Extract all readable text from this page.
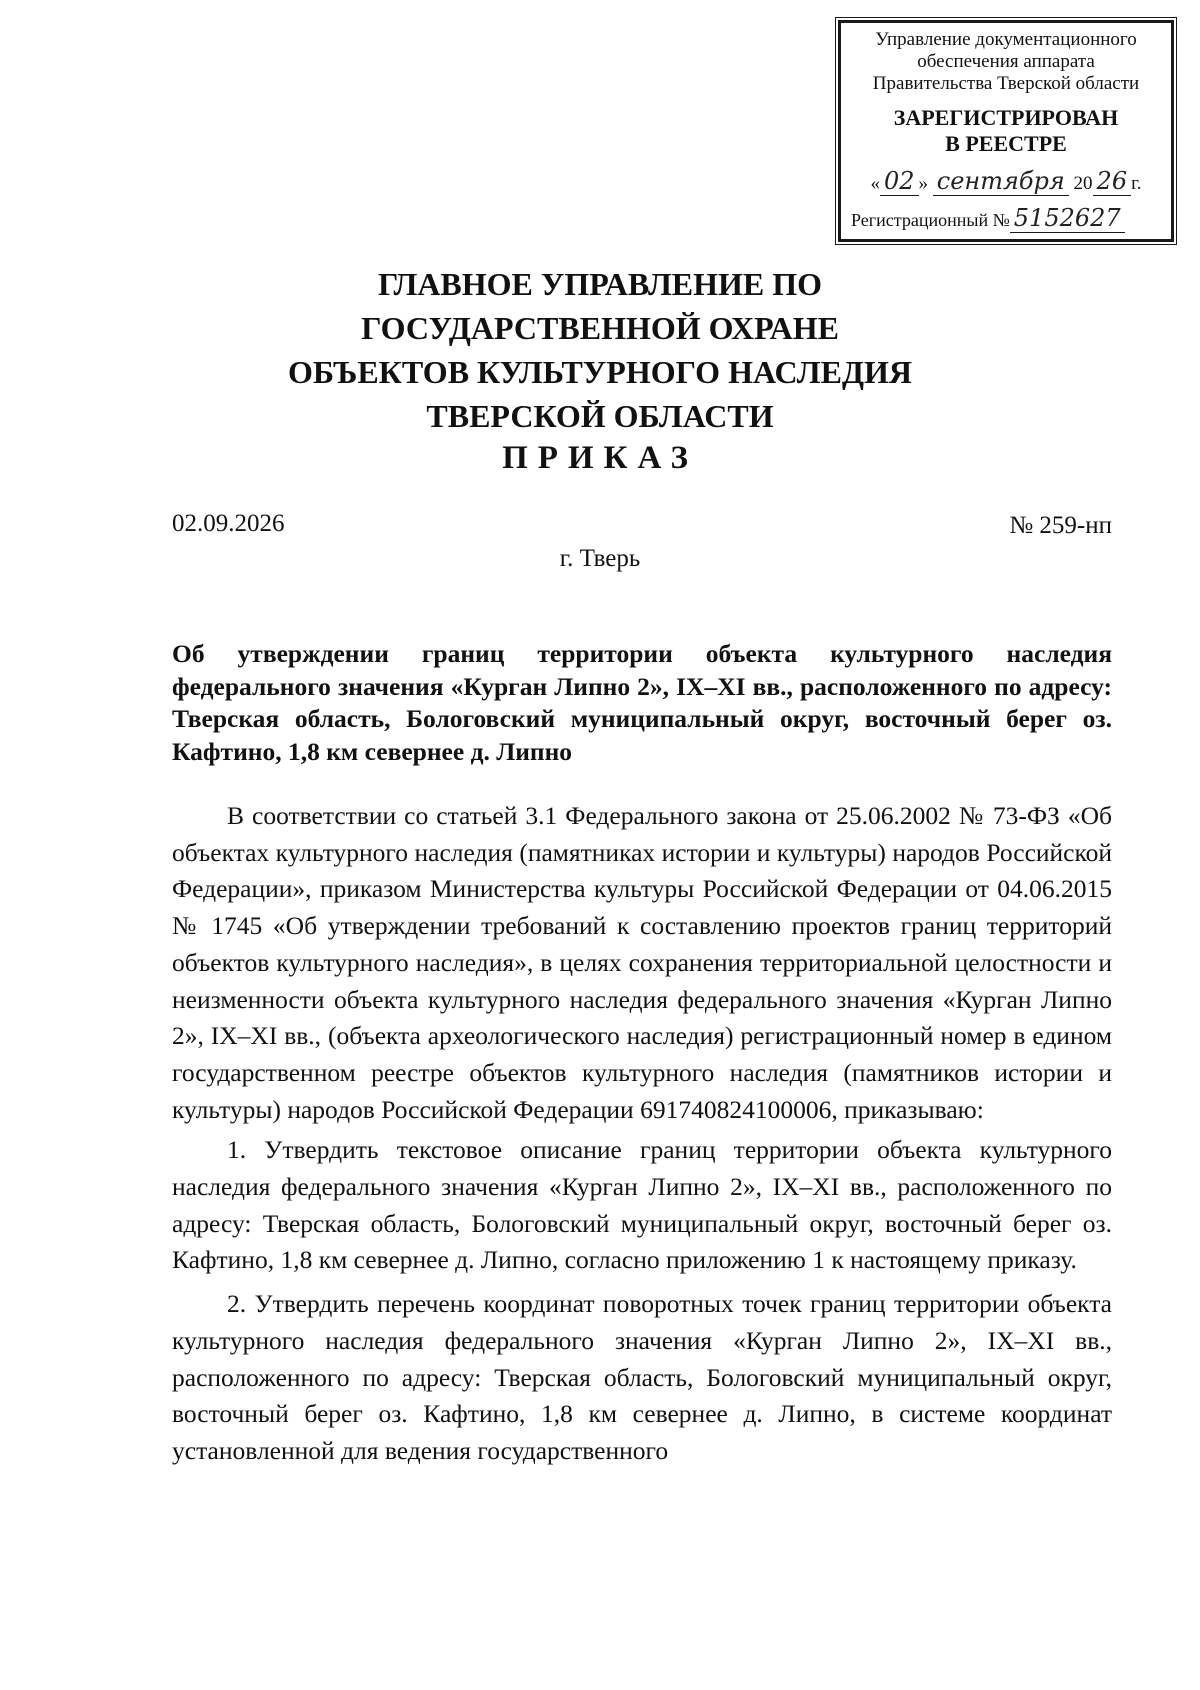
Управление документационного
обеспечения аппарата
Правительства Тверской области
ЗАРЕГИСТРИРОВАН
В РЕЕСТРЕ
« 02 » сентября 20 26 г.
Регистрационный № 5152627
ГЛАВНОЕ УПРАВЛЕНИЕ ПО
ГОСУДАРСТВЕННОЙ ОХРАНЕ
ОБЪЕКТОВ КУЛЬТУРНОГО НАСЛЕДИЯ
ТВЕРСКОЙ ОБЛАСТИ
ПРИКАЗ
02.09.2026	№ 259-нп
г. Тверь

Об утверждении границ территории объекта культурного наследия федерального значения «Курган Липно 2», IX–XI вв., расположенного по адресу: Тверская область, Бологовский муниципальный округ, восточный берег оз. Кафтино, 1,8 км севернее д. Липно

В соответствии со статьей 3.1 Федерального закона от 25.06.2002 № 73-ФЗ «Об объектах культурного наследия (памятниках истории и культуры) народов Российской Федерации», приказом Министерства культуры Российской Федерации от 04.06.2015 № 1745 «Об утверждении требований к составлению проектов границ территорий объектов культурного наследия», в целях сохранения территориальной целостности и неизменности объекта культурного наследия федерального значения «Курган Липно 2», IX–XI вв., (объекта археологического наследия) регистрационный номер в едином государственном реестре объектов культурного наследия (памятников истории и культуры) народов Российской Федерации 691740824100006, приказываю:

1. Утвердить текстовое описание границ территории объекта культурного наследия федерального значения «Курган Липно 2», IX–XI вв., расположенного по адресу: Тверская область, Бологовский муниципальный округ, восточный берег оз. Кафтино, 1,8 км севернее д. Липно, согласно приложению 1 к настоящему приказу.

2. Утвердить перечень координат поворотных точек границ территории объекта культурного наследия федерального значения «Курган Липно 2», IX–XI вв., расположенного по адресу: Тверская область, Бологовский муниципальный округ, восточный берег оз. Кафтино, 1,8 км севернее д. Липно, в системе координат установленной для ведения государственного
